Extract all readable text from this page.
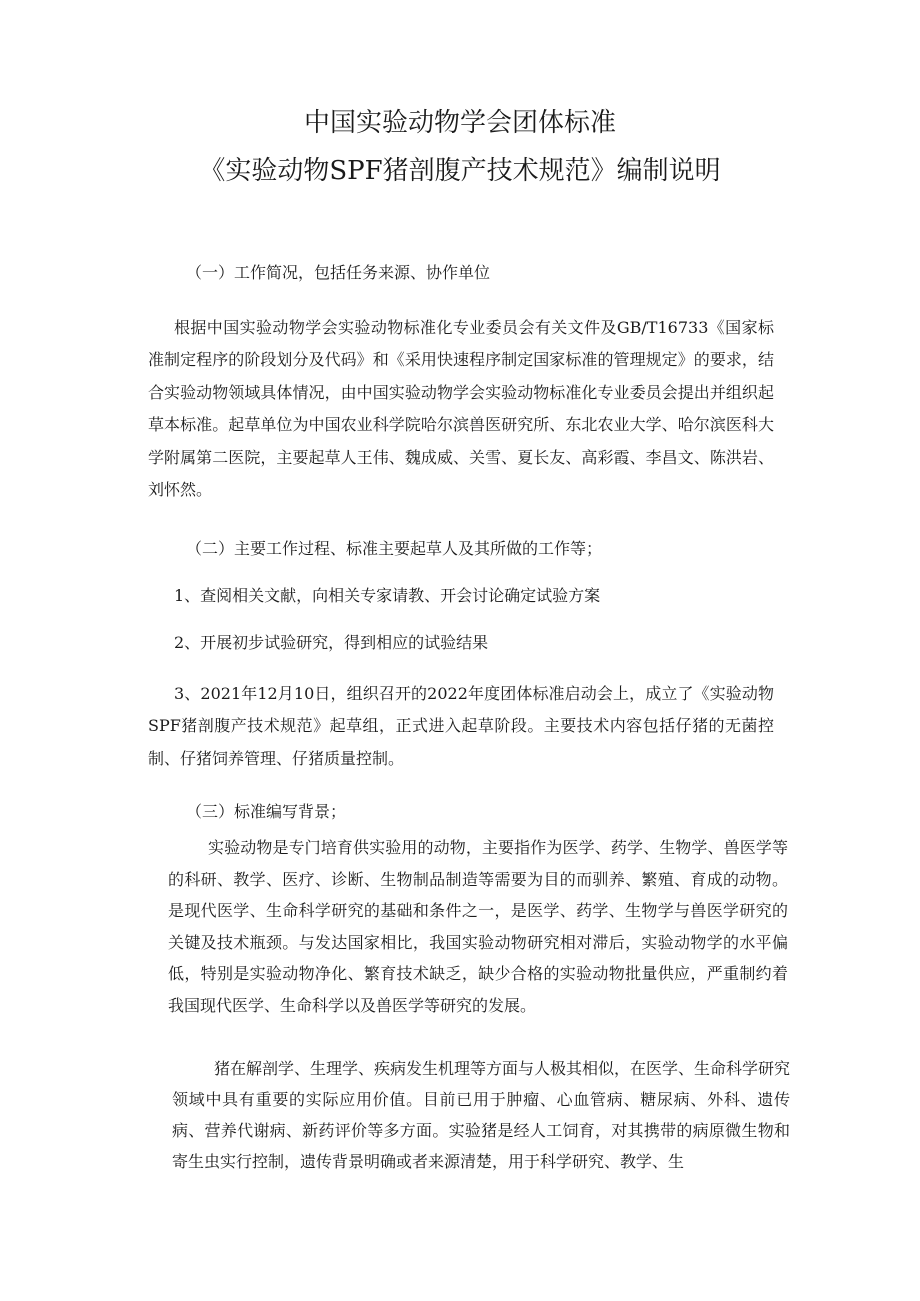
中国实验动物学会团体标准
《实验动物SPF猪剖腹产技术规范》编制说明
（一）工作简况，包括任务来源、协作单位

根据中国实验动物学会实验动物标准化专业委员会有关文件及GB/T16733《国家标准制定程序的阶段划分及代码》和《采用快速程序制定国家标准的管理规定》的要求，结合实验动物领域具体情况，由中国实验动物学会实验动物标准化专业委员会提出并组织起草本标准。起草单位为中国农业科学院哈尔滨兽医研究所、东北农业大学、哈尔滨医科大学附属第二医院，主要起草人王伟、魏成威、关雪、夏长友、高彩霞、李昌文、陈洪岩、刘怀然。

（二）主要工作过程、标准主要起草人及其所做的工作等；
1、查阅相关文献，向相关专家请教、开会讨论确定试验方案
2、开展初步试验研究，得到相应的试验结果

3、2021年12月10日，组织召开的2022年度团体标准启动会上，成立了《实验动物SPF猪剖腹产技术规范》起草组，正式进入起草阶段。主要技术内容包括仔猪的无菌控制、仔猪饲养管理、仔猪质量控制。

（三）标准编写背景；

实验动物是专门培育供实验用的动物，主要指作为医学、药学、生物学、兽医学等的科研、教学、医疗、诊断、生物制品制造等需要为目的而驯养、繁殖、育成的动物。是现代医学、生命科学研究的基础和条件之一，是医学、药学、生物学与兽医学研究的关键及技术瓶颈。与发达国家相比，我国实验动物研究相对滞后，实验动物学的水平偏低，特别是实验动物净化、繁育技术缺乏，缺少合格的实验动物批量供应，严重制约着我国现代医学、生命科学以及兽医学等研究的发展。

猪在解剖学、生理学、疾病发生机理等方面与人极其相似，在医学、生命科学研究领域中具有重要的实际应用价值。目前已用于肿瘤、心血管病、糖尿病、外科、遗传病、营养代谢病、新药评价等多方面。实验猪是经人工饲育，对其携带的病原微生物和寄生虫实行控制，遗传背景明确或者来源清楚，用于科学研究、教学、生
